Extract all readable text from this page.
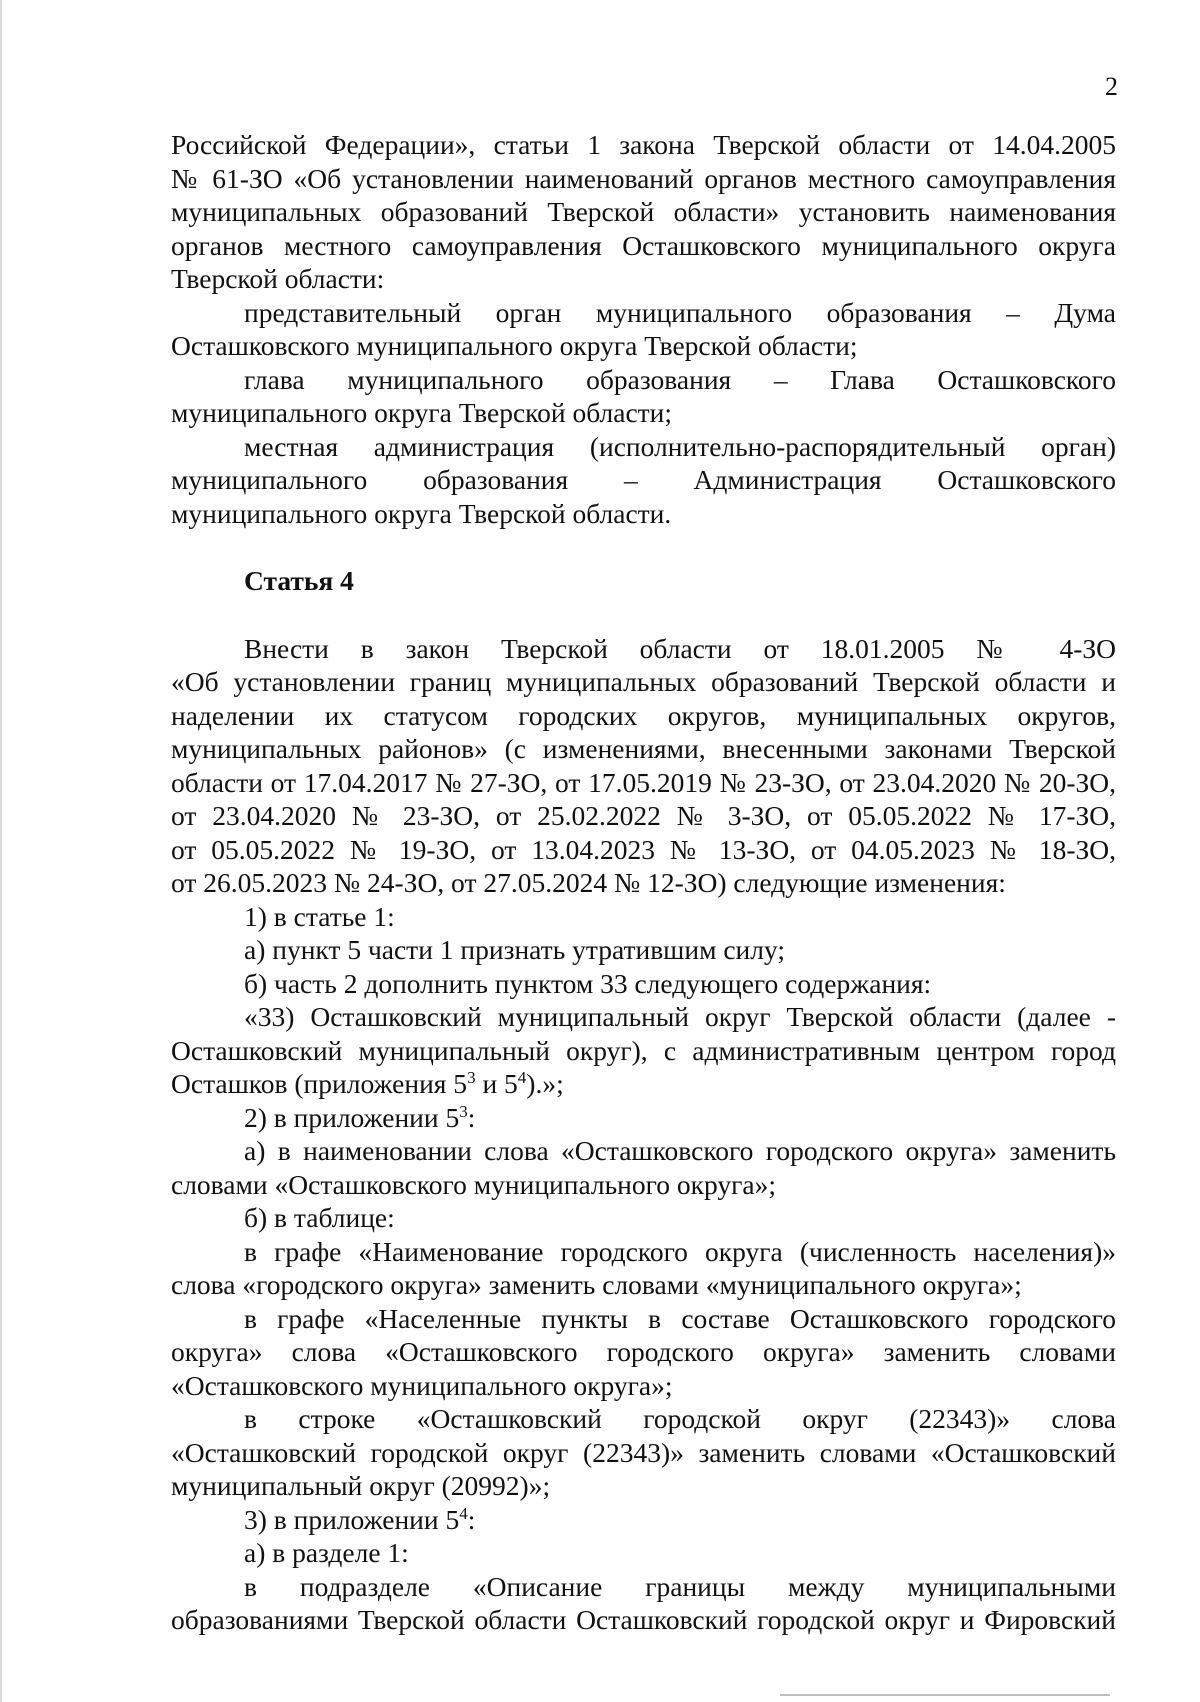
2

Российской Федерации», статьи 1 закона Тверской области от 14.04.2005
№ 61-ЗО «Об установлении наименований органов местного самоуправления
муниципальных образований Тверской области» установить наименования
органов местного самоуправления Осташковского муниципального округа
Тверской области:

представительный орган муниципального образования – Дума
Осташковского муниципального округа Тверской области;

глава муниципального образования – Глава Осташковского
муниципального округа Тверской области;

местная администрация (исполнительно-распорядительный орган)
муниципального образования – Администрация Осташковского
муниципального округа Тверской области.

Статья 4

Внести в закон Тверской области от 18.01.2005 № 4-ЗО
«Об установлении границ муниципальных образований Тверской области и
наделении их статусом городских округов, муниципальных округов,
муниципальных районов» (с изменениями, внесенными законами Тверской
области от 17.04.2017 № 27-ЗО, от 17.05.2019 № 23-ЗО, от 23.04.2020 № 20-ЗО,
от 23.04.2020 № 23-ЗО, от 25.02.2022 № 3-ЗО, от 05.05.2022 № 17-ЗО,
от 05.05.2022 № 19-ЗО, от 13.04.2023 № 13-ЗО, от 04.05.2023 № 18-ЗО,
от 26.05.2023 № 24-ЗО, от 27.05.2024 № 12-ЗО) следующие изменения:

1) в статье 1:

а) пункт 5 части 1 признать утратившим силу;

б) часть 2 дополнить пунктом 33 следующего содержания:

«33) Осташковский муниципальный округ Тверской области (далее -
Осташковский муниципальный округ), с административным центром город
Осташков (приложения $5^3$ и $5^4$).»;

2) в приложении $5^3$:

а) в наименовании слова «Осташковского городского округа» заменить
словами «Осташковского муниципального округа»;

б) в таблице:

в графе «Наименование городского округа (численность населения)»
слова «городского округа» заменить словами «муниципального округа»;

в графе «Населенные пункты в составе Осташковского городского
округа» слова «Осташковского городского округа» заменить словами
«Осташковского муниципального округа»;

в строке «Осташковский городской округ (22343)» слова
«Осташковский городской округ (22343)» заменить словами «Осташковский
муниципальный округ (20992)»;

3) в приложении $5^4$:

а) в разделе 1:

в подразделе «Описание границы между муниципальными
образованиями Тверской области Осташковский городской округ и Фировский
